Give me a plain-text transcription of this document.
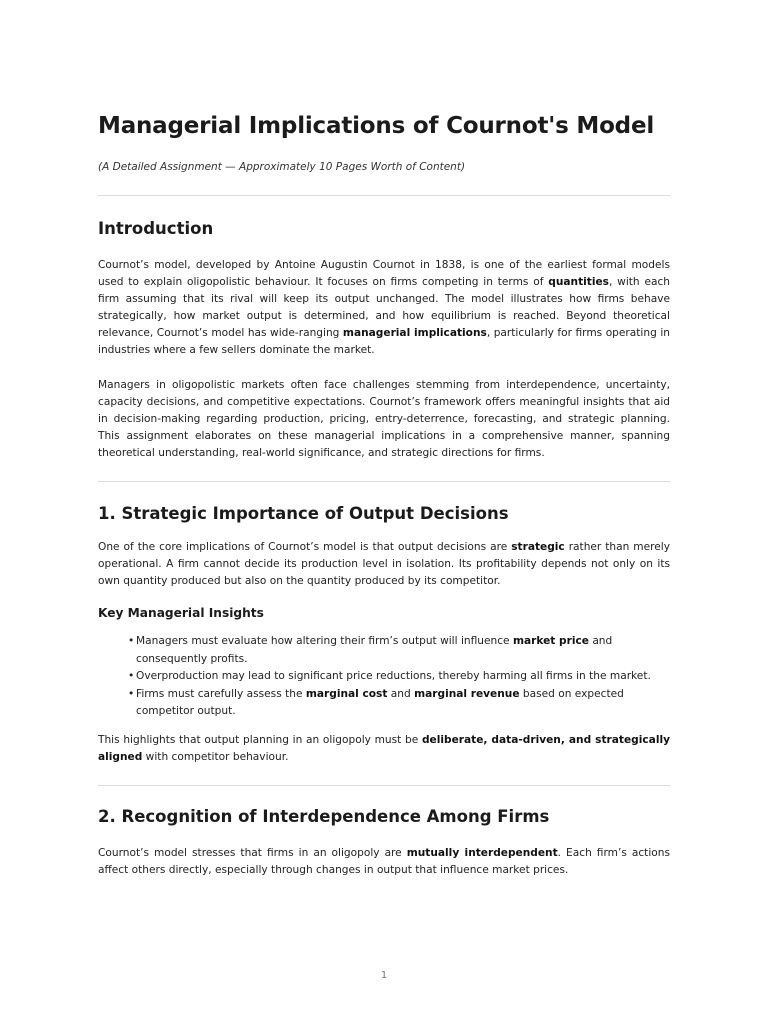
Managerial Implications of Cournot's Model

(A Detailed Assignment — Approximately 10 Pages Worth of Content)

Introduction

Cournot’s model, developed by Antoine Augustin Cournot in 1838, is one of the earliest formal models used to explain oligopolistic behaviour. It focuses on firms competing in terms of quantities, with each firm assuming that its rival will keep its output unchanged. The model illustrates how firms behave strategically, how market output is determined, and how equilibrium is reached. Beyond theoretical relevance, Cournot’s model has wide-ranging managerial implications, particularly for firms operating in industries where a few sellers dominate the market.

Managers in oligopolistic markets often face challenges stemming from interdependence, uncertainty, capacity decisions, and competitive expectations. Cournot’s framework offers meaningful insights that aid in decision-making regarding production, pricing, entry-deterrence, forecasting, and strategic planning. This assignment elaborates on these managerial implications in a comprehensive manner, spanning theoretical understanding, real-world significance, and strategic directions for firms.

1. Strategic Importance of Output Decisions

One of the core implications of Cournot’s model is that output decisions are strategic rather than merely operational. A firm cannot decide its production level in isolation. Its profitability depends not only on its own quantity produced but also on the quantity produced by its competitor.

Key Managerial Insights
• Managers must evaluate how altering their firm’s output will influence market price and consequently profits.
• Overproduction may lead to significant price reductions, thereby harming all firms in the market.
• Firms must carefully assess the marginal cost and marginal revenue based on expected competitor output.

This highlights that output planning in an oligopoly must be deliberate, data-driven, and strategically aligned with competitor behaviour.

2. Recognition of Interdependence Among Firms

Cournot’s model stresses that firms in an oligopoly are mutually interdependent. Each firm’s actions affect others directly, especially through changes in output that influence market prices.

1
